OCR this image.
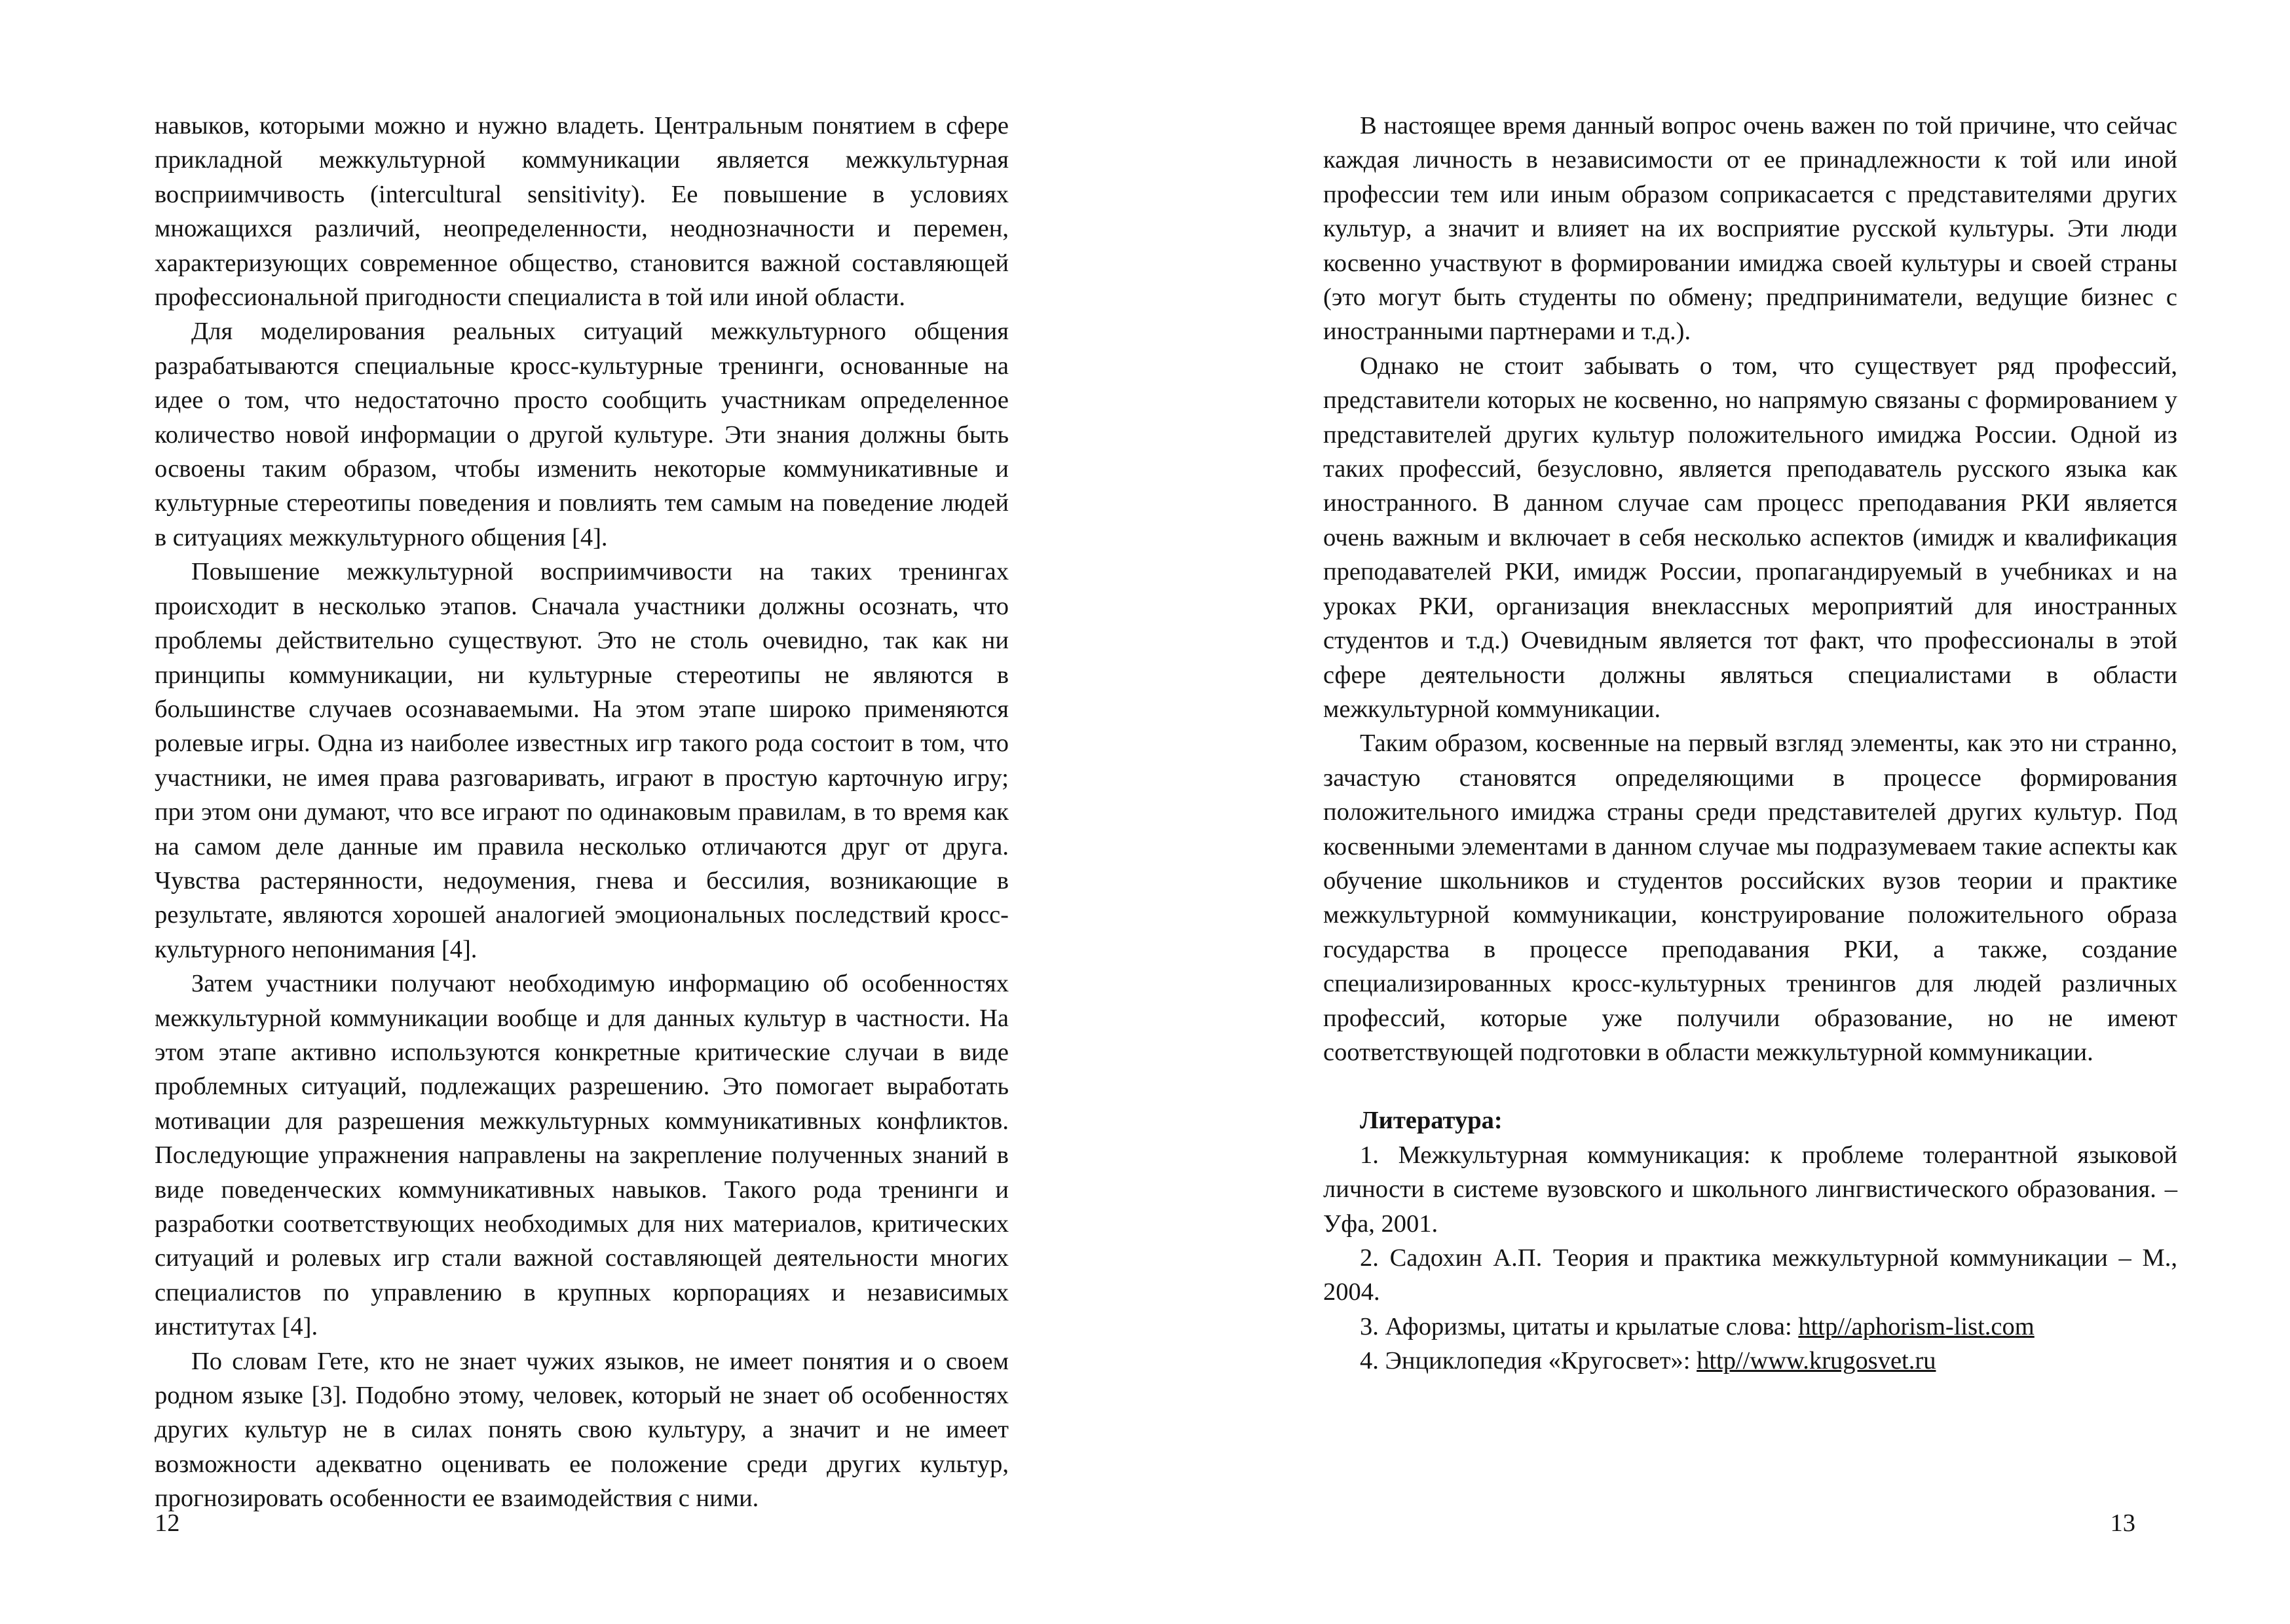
навыков, которыми можно и нужно владеть. Центральным понятием в сфере прикладной межкультурной коммуникации является межкультурная восприимчивость (intercultural sensitivity). Ее повышение в условиях множащихся различий, неопределенности, неоднозначности и перемен, характеризующих современное общество, становится важной составляющей профессиональной пригодности специалиста в той или иной области.

Для моделирования реальных ситуаций межкультурного общения разрабатываются специальные кросс-культурные тренинги, основанные на идее о том, что недостаточно просто сообщить участникам определенное количество новой информации о другой культуре. Эти знания должны быть освоены таким образом, чтобы изменить некоторые коммуникативные и культурные стереотипы поведения и повлиять тем самым на поведение людей в ситуациях межкультурного общения [4].

Повышение межкультурной восприимчивости на таких тренингах происходит в несколько этапов. Сначала участники должны осознать, что проблемы действительно существуют. Это не столь очевидно, так как ни принципы коммуникации, ни культурные стереотипы не являются в большинстве случаев осознаваемыми. На этом этапе широко применяются ролевые игры. Одна из наиболее известных игр такого рода состоит в том, что участники, не имея права разговаривать, играют в простую карточную игру; при этом они думают, что все играют по одинаковым правилам, в то время как на самом деле данные им правила несколько отличаются друг от друга. Чувства растерянности, недоумения, гнева и бессилия, возникающие в результате, являются хорошей аналогией эмоциональных последствий кросс-культурного непонимания [4].

Затем участники получают необходимую информацию об особенностях межкультурной коммуникации вообще и для данных культур в частности. На этом этапе активно используются конкретные критические случаи в виде проблемных ситуаций, подлежащих разрешению. Это помогает выработать мотивации для разрешения межкультурных коммуникативных конфликтов. Последующие упражнения направлены на закрепление полученных знаний в виде поведенческих коммуникативных навыков. Такого рода тренинги и разработки соответствующих необходимых для них материалов, критических ситуаций и ролевых игр стали важной составляющей деятельности многих специалистов по управлению в крупных корпорациях и независимых институтах [4].

По словам Гете, кто не знает чужих языков, не имеет понятия и о своем родном языке [3]. Подобно этому, человек, который не знает об особенностях других культур не в силах понять свою культуру, а значит и не имеет возможности адекватно оценивать ее положение среди других культур, прогнозировать особенности ее взаимодействия с ними.

12

В настоящее время данный вопрос очень важен по той причине, что сейчас каждая личность в независимости от ее принадлежности к той или иной профессии тем или иным образом соприкасается с представителями других культур, а значит и влияет на их восприятие русской культуры. Эти люди косвенно участвуют в формировании имиджа своей культуры и своей страны (это могут быть студенты по обмену; предприниматели, ведущие бизнес с иностранными партнерами и т.д.).

Однако не стоит забывать о том, что существует ряд профессий, представители которых не косвенно, но напрямую связаны с формированием у представителей других культур положительного имиджа России. Одной из таких профессий, безусловно, является преподаватель русского языка как иностранного. В данном случае сам процесс преподавания РКИ является очень важным и включает в себя несколько аспектов (имидж и квалификация преподавателей РКИ, имидж России, пропагандируемый в учебниках и на уроках РКИ, организация внеклассных мероприятий для иностранных студентов и т.д.) Очевидным является тот факт, что профессионалы в этой сфере деятельности должны являться специалистами в области межкультурной коммуникации.

Таким образом, косвенные на первый взгляд элементы, как это ни странно, зачастую становятся определяющими в процессе формирования положительного имиджа страны среди представителей других культур. Под косвенными элементами в данном случае мы подразумеваем такие аспекты как обучение школьников и студентов российских вузов теории и практике межкультурной коммуникации, конструирование положительного образа государства в процессе преподавания РКИ, а также, создание специализированных кросс-культурных тренингов для людей различных профессий, которые уже получили образование, но не имеют соответствующей подготовки в области межкультурной коммуникации.

Литература:

1. Межкультурная коммуникация: к проблеме толерантной языковой личности в системе вузовского и школьного лингвистического образования. – Уфа, 2001.

2. Садохин А.П. Теория и практика межкультурной коммуникации – М., 2004.

3. Афоризмы, цитаты и крылатые слова: http//aphorism-list.com

4. Энциклопедия «Кругосвет»: http//www.krugosvet.ru

13
